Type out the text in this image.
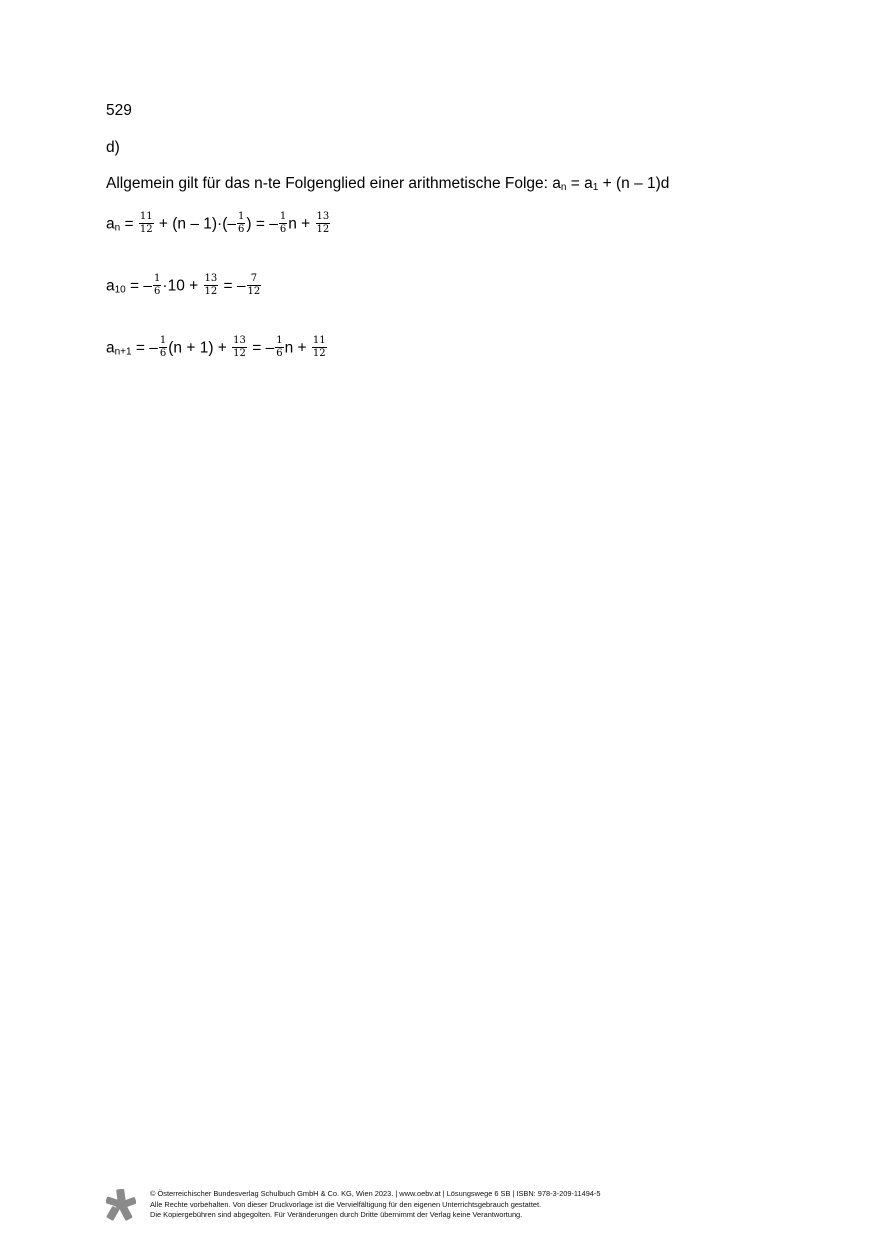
529
d)
Allgemein gilt für das n-te Folgenglied einer arithmetische Folge: $a_n = a_1 + (n - 1)d$
$a_n = \frac{11}{12} + (n - 1)\cdot(- \frac{1}{6}$ ) = – $\frac{1}{6}$ $n + \frac{13}{12}$
$a_{10}$ = – $\frac{1}{6} \cdot 10 + \frac{13}{12}$ = – $\frac{7}{12}$
$a_{n+1}$ = – $\frac{1}{6} (n + 1) + \frac{13}{12}$ = – $\frac{1}{6}$ $n + \frac{11}{12}$
© Österreichischer Bundesverlag Schulbuch GmbH & Co. KG, Wien 2023. | www.oebv.at | Lösungswege 6 SB | ISBN: 978-3-209-11494-5
Alle Rechte vorbehalten. Von dieser Druckvorlage ist die Vervielfältigung für den eigenen Unterrichtsgebrauch gestattet.
Die Kopiergebühren sind abgegolten. Für Veränderungen durch Dritte übernimmt der Verlag keine Verantwortung.
